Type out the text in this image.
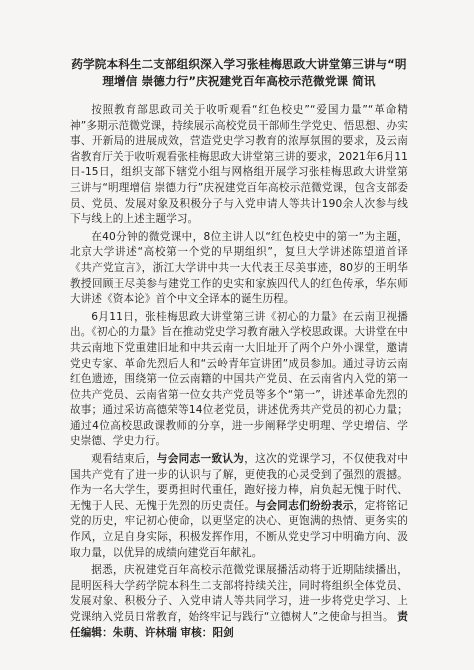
药学院本科生二支部组织深入学习张桂梅思政大讲堂第三讲与“明理增信 崇德力行”庆祝建党百年高校示范微党课 简讯

按照教育部思政司关于收听观看“红色校史”“爱国力量”“革命精神”多期示范微党课，持续展示高校党员干部师生学党史、悟思想、办实事、开新局的进展成效，营造党史学习教育的浓厚氛围的要求，及云南省教育厅关于收听观看张桂梅思政大讲堂第三讲的要求，2021年6月11日-15日，组织支部下辖党小组与网格组开展学习张桂梅思政大讲堂第三讲与“明理增信 崇德力行”庆祝建党百年高校示范微党课，包含支部委员、党员、发展对象及积极分子与入党申请人等共计190余人次参与线下与线上的上述主题学习。

在40分钟的微党课中，8位主讲人以“红色校史中的第一”为主题，北京大学讲述“高校第一个党的早期组织”，复旦大学讲述陈望道首译《共产党宣言》，浙江大学讲中共一大代表王尽美事迹，80岁的王明华教授回顾王尽美参与建党工作的史实和家族四代人的红色传承，华东师大讲述《资本论》首个中文全译本的诞生历程。

6月11日，张桂梅思政大讲堂第三讲《初心的力量》在云南卫视播出。《初心的力量》旨在推动党史学习教育融入学校思政课。大讲堂在中共云南地下党重建旧址和中共云南一大旧址开了两个户外小课堂，邀请党史专家、革命先烈后人和“云岭青年宣讲团”成员参加。通过寻访云南红色遗迹，围绕第一位云南籍的中国共产党员、在云南省内入党的第一位共产党员、云南省第一位女共产党员等多个“第一”，讲述革命先烈的故事；通过采访高德荣等14位老党员，讲述优秀共产党员的初心力量；通过4位高校思政课教师的分享，进一步阐释学史明理、学史增信、学史崇德、学史力行。

观看结束后，与会同志一致认为，这次的党课学习，不仅使我对中国共产党有了进一步的认识与了解，更使我的心灵受到了强烈的震撼。作为一名大学生，要勇担时代重任，跑好接力棒，肩负起无愧于时代、无愧于人民、无愧于先烈的历史责任。与会同志们纷纷表示，定将铭记党的历史，牢记初心使命，以更坚定的决心、更饱满的热情、更务实的作风，立足自身实际，积极发挥作用，不断从党史学习中明确方向、汲取力量，以优异的成绩向建党百年献礼。

据悉，庆祝建党百年高校示范微党课展播活动将于近期陆续播出，昆明医科大学药学院本科生二支部将持续关注，同时将组织全体党员、发展对象、积极分子、入党申请人等共同学习，进一步将党史学习、上党课纳入党员日常教育，始终牢记与践行“立德树人”之使命与担当。 责任编辑：朱萌、许林瑞 审核：阳剑
